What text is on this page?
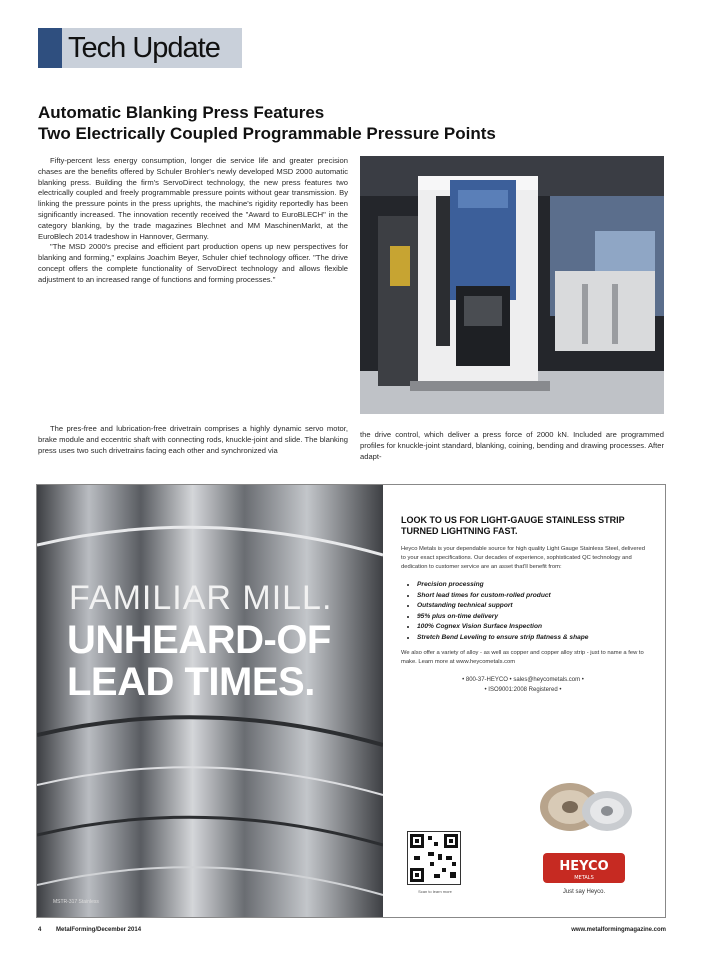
Tech Update
Automatic Blanking Press Features
Two Electrically Coupled Programmable Pressure Points

Fifty-percent less energy consumption, longer die service life and greater precision chases are the benefits offered by Schuler Brohler's newly developed MSD 2000 automatic blanking press. Building the firm's ServoDirect technology, the new press features two electrically coupled and freely programmable pressure points without gear transmission. By linking the pressure points in the press uprights, the machine's rigidity reportedly has been significantly increased. The innovation recently received the "Award to EuroBLECH" in the category blanking, by the trade magazines Blechnet and MM MaschinenMarkt, at the EuroBlech 2014 tradeshow in Hannover, Germany.

"The MSD 2000's precise and efficient part production opens up new perspectives for blanking and forming," explains Joachim Beyer, Schuler chief technology officer. "The drive concept offers the complete functionality of ServoDirect technology and allows flexible adjustment to an increased range of functions and forming processes."

The pres-free and lubrication-free drivetrain comprises a highly dynamic servo motor, brake module and eccentric shaft with connecting rods, knuckle-joint and slide. The blanking press uses two such drivetrains facing each other and synchronized via

the drive control, which deliver a press force of 2000 kN. Included are programmed profiles for knuckle-joint standard, blanking, coining, bending and drawing processes. After adapt-

FAMILIAR MILL.
UNHEARD-OF
LEAD TIMES.
MSTR-317 Stainless
LOOK TO US FOR LIGHT-GAUGE STAINLESS STRIP TURNED LIGHTNING FAST.
Heyco Metals is your dependable source for high quality Light Gauge Stainless Steel, delivered to your exact specifications. Our decades of experience, sophisticated QC technology and dedication to customer service are an asset that'll benefit from:
• Precision processing
• Short lead times for custom-rolled product
• Outstanding technical support
• 95% plus on-time delivery
• 100% Cognex Vision Surface Inspection
• Stretch Bend Leveling to ensure strip flatness & shape
We also offer a variety of alloy - as well as copper and copper alloy strip - just to name a few to make. Learn more at www.heycometals.com
• 800-37-HEYCO • sales@heycometals.com •
• ISO9001:2008 Registered •
Scan to learn more
HEYCO
METALS
Just say Heyco.
4 MetalForming/December 2014	www.metalformingmagazine.com
